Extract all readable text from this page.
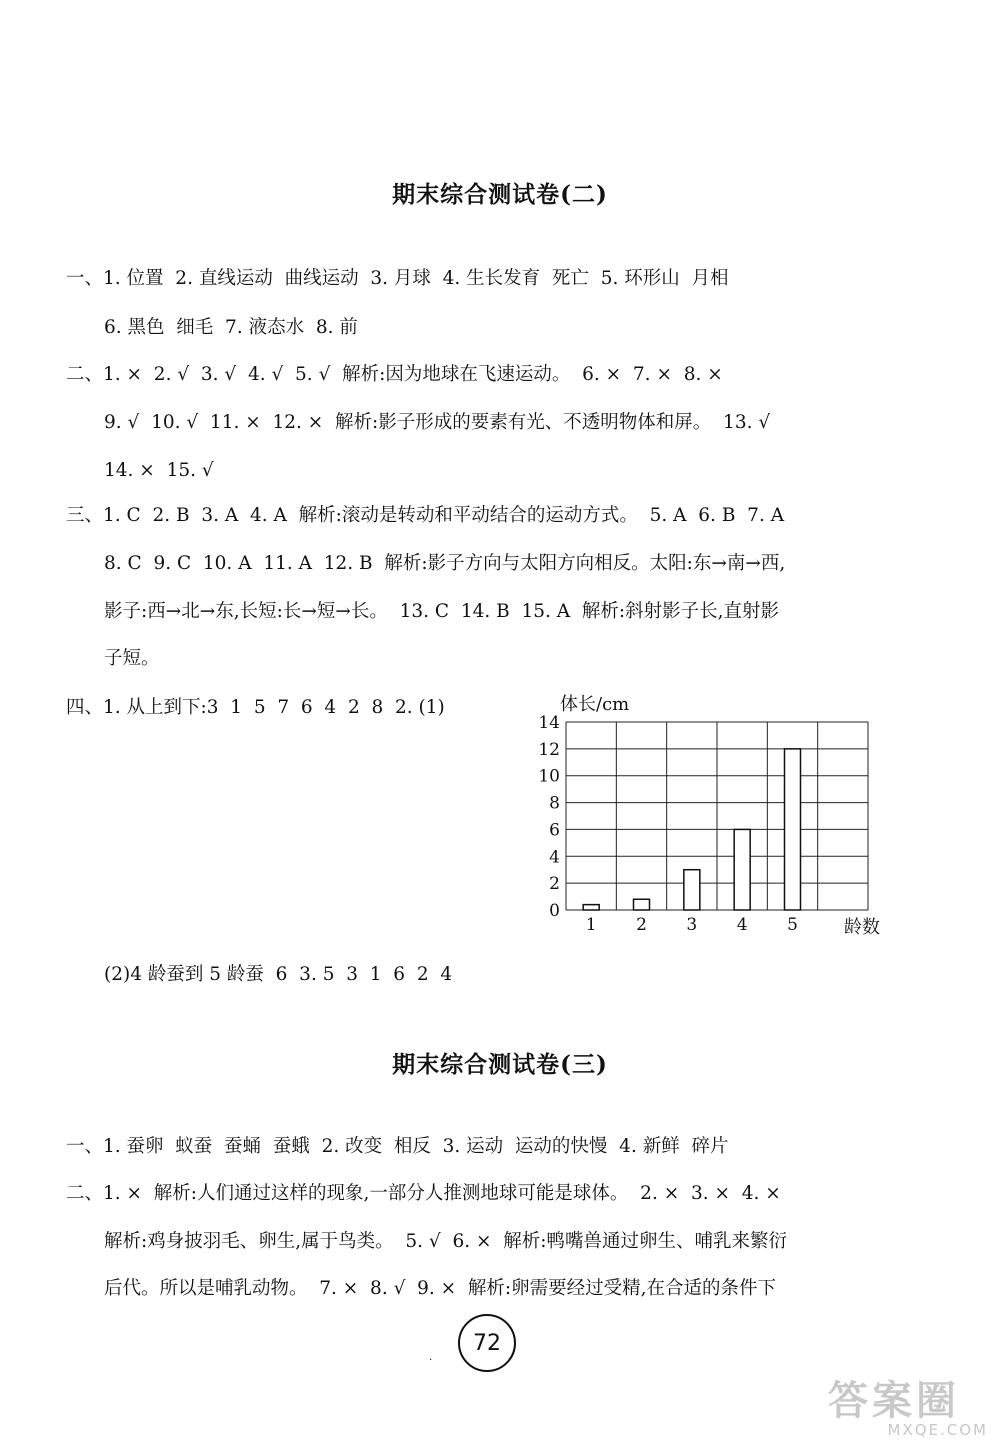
期末综合测试卷(二)
一、1. 位置  2. 直线运动  曲线运动  3. 月球  4. 生长发育  死亡  5. 环形山  月相
6. 黑色  细毛  7. 液态水  8. 前
二、1. ×  2. √  3. √  4. √  5. √  解析:因为地球在飞速运动。  6. ×  7. ×  8. ×
9. √  10. √  11. ×  12. ×  解析:影子形成的要素有光、不透明物体和屏。  13. √
14. ×  15. √
三、1. C  2. B  3. A  4. A  解析:滚动是转动和平动结合的运动方式。  5. A  6. B  7. A
8. C  9. C  10. A  11. A  12. B  解析:影子方向与太阳方向相反。太阳:东→南→西,
影子:西→北→东,长短:长→短→长。  13. C  14. B  15. A  解析:斜射影子长,直射影
子短。
四、1. 从上到下:3  1  5  7  6  4  2  8  2. (1)
0
2
4
6
8
10
12
14
1 2 3 4 5
体长/cm
龄数
(2)4 龄蚕到 5 龄蚕  6  3. 5  3  1  6  2  4
期末综合测试卷(三)
一、1. 蚕卵  蚁蚕  蚕蛹  蚕蛾  2. 改变  相反  3. 运动  运动的快慢  4. 新鲜  碎片
二、1. ×  解析:人们通过这样的现象,一部分人推测地球可能是球体。  2. ×  3. ×  4. ×
解析:鸡身披羽毛、卵生,属于鸟类。  5. √  6. ×  解析:鸭嘴兽通过卵生、哺乳来繁衍
后代。所以是哺乳动物。  7. ×  8. √  9. ×  解析:卵需要经过受精,在合适的条件下
.
72
答案圈
MXQE.COM
